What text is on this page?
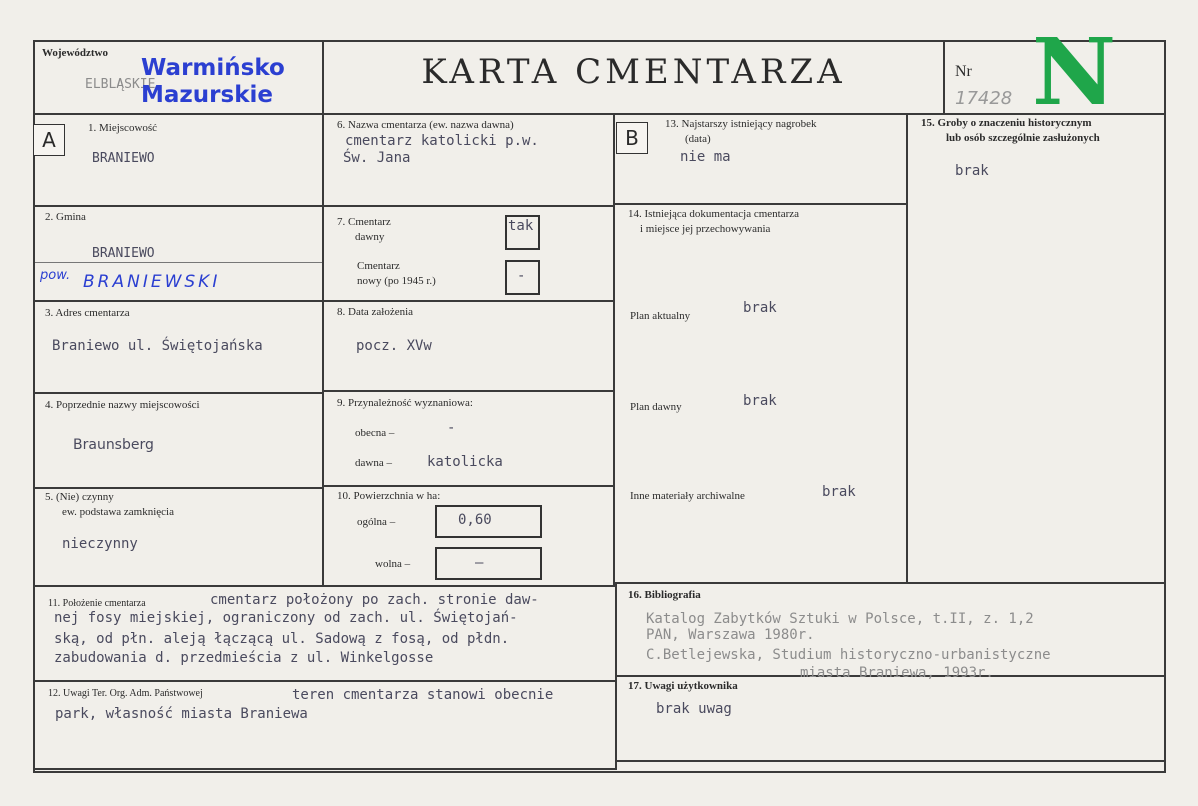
Województwo
ELBLĄSKIE
Warmińsko
Mazurskie
KARTA CMENTARZA	Nr
17428 N
A	1. Miejscowość
BRANIEWO
2. Gmina
BRANIEWO
pow. BRANIEWSKI
3. Adres cmentarza
Braniewo ul. Świętojańska
4. Poprzednie nazwy miejscowości
Braunsberg
5. (Nie) czynny
ew. podstawa zamknięcia
nieczynny
6. Nazwa cmentarza (ew. nazwa dawna)
cmentarz katolicki p.w.
Św. Jana
7. Cmentarz
dawny
tak
Cmentarz
nowy (po 1945 r.)	-
8. Data założenia
pocz. XVw
9. Przynależność wyznaniowa:
obecna –	-
dawna –	katolicka
10. Powierzchnia w ha:
ogólna –	0,60
wolna –	—
B
13. Najstarszy istniejący nagrobek
(data)
nie ma
14. Istniejąca dokumentacja cmentarza
i miejsce jej przechowywania
Plan aktualny	brak
Plan dawny	brak
Inne materiały archiwalne	brak
15. Groby o znaczeniu historycznym
lub osób szczególnie zasłużonych
brak
11. Położenie cmentarza	cmentarz położony po zach. stronie daw-
nej fosy miejskiej, ograniczony od zach. ul. Świętojań-
ską, od płn. aleją łączącą ul. Sadową z fosą, od płdn.
zabudowania d. przedmieścia z ul. Winkelgosse
12. Uwagi Ter. Org. Adm. Państwowej	teren cmentarza stanowi obecnie
park, własność miasta Braniewa
16. Bibliografia
Katalog Zabytków Sztuki w Polsce, t.II, z. 1,2
PAN, Warszawa 1980r.
C.Betlejewska, Studium historyczno-urbanistyczne
miasta Braniewa, 1993r.
17. Uwagi użytkownika
brak uwag
